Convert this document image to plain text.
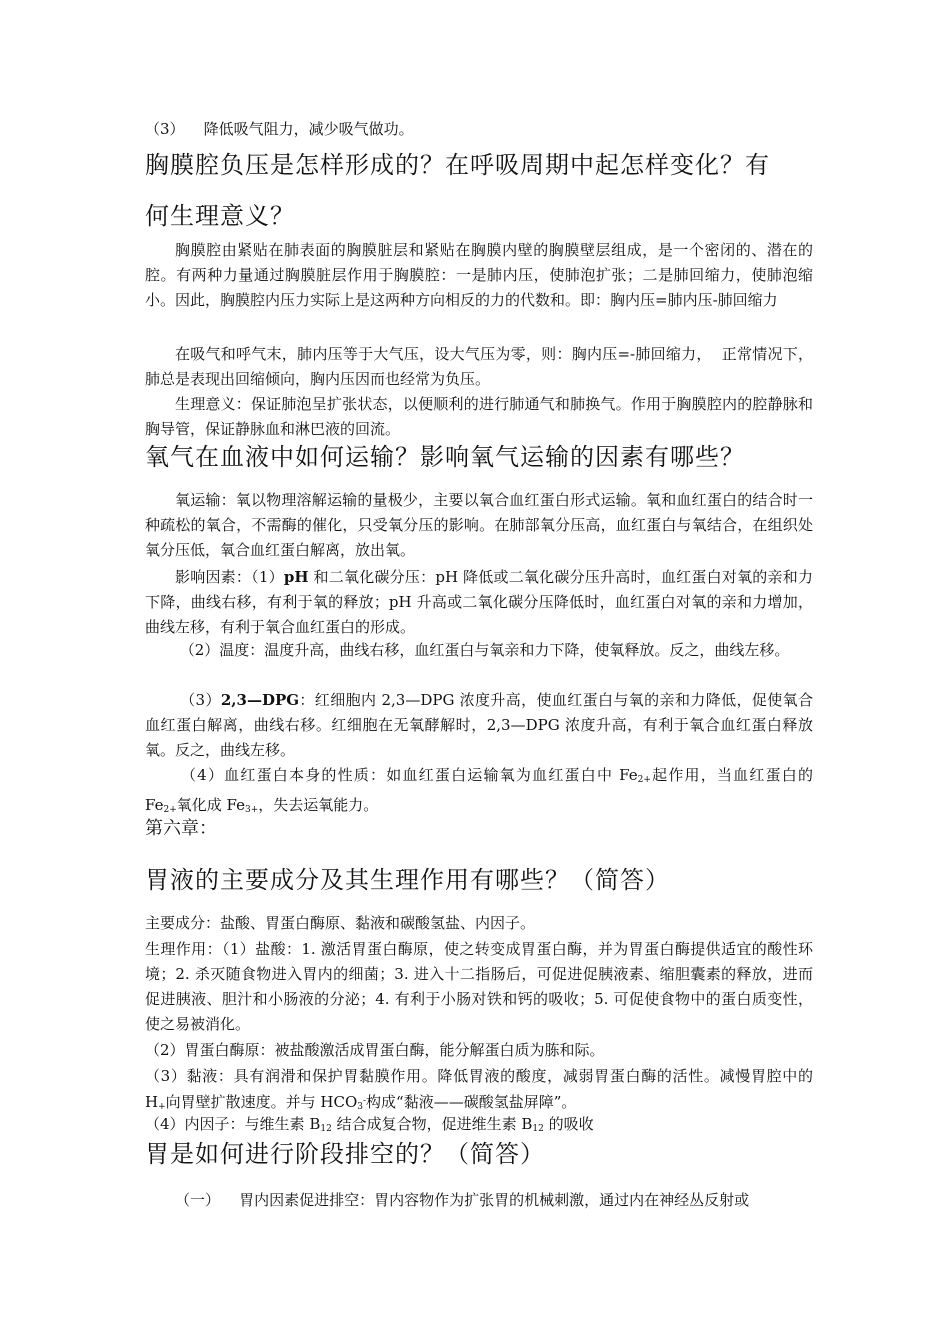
（3）    降低吸气阻力，减少吸气做功。

胸膜腔负压是怎样形成的？在呼吸周期中起怎样变化？有
何生理意义？

胸膜腔由紧贴在肺表面的胸膜脏层和紧贴在胸膜内壁的胸膜壁层组成，是一个密闭的、潜在的腔。有两种力量通过胸膜脏层作用于胸膜腔：一是肺内压，使肺泡扩张；二是肺回缩力，使肺泡缩小。因此，胸膜腔内压力实际上是这两种方向相反的力的代数和。即：胸内压=肺内压-肺回缩力

在吸气和呼气末，肺内压等于大气压，设大气压为零，则：胸内压=-肺回缩力，  正常情况下，肺总是表现出回缩倾向，胸内压因而也经常为负压。

生理意义：保证肺泡呈扩张状态，以便顺利的进行肺通气和肺换气。作用于胸膜腔内的腔静脉和胸导管，保证静脉血和淋巴液的回流。

氧气在血液中如何运输？影响氧气运输的因素有哪些？

氧运输：氧以物理溶解运输的量极少，主要以氧合血红蛋白形式运输。氧和血红蛋白的结合时一种疏松的氧合，不需酶的催化，只受氧分压的影响。在肺部氧分压高，血红蛋白与氧结合，在组织处氧分压低，氧合血红蛋白解离，放出氧。

影响因素：（1）pH 和二氧化碳分压：pH 降低或二氧化碳分压升高时，血红蛋白对氧的亲和力下降，曲线右移，有利于氧的释放；pH 升高或二氧化碳分压降低时，血红蛋白对氧的亲和力增加，曲线左移，有利于氧合血红蛋白的形成。

（2）温度：温度升高，曲线右移，血红蛋白与氧亲和力下降，使氧释放。反之，曲线左移。

（3）2,3—DPG：红细胞内 2,3—DPG 浓度升高，使血红蛋白与氧的亲和力降低，促使氧合血红蛋白解离，曲线右移。红细胞在无氧酵解时，2,3—DPG 浓度升高，有利于氧合血红蛋白释放氧。反之，曲线左移。

（4）血红蛋白本身的性质：如血红蛋白运输氧为血红蛋白中 $Fe_{2+}$起作用，当血红蛋白的 $Fe_{2+}$氧化成 $Fe_{3+}$，失去运氧能力。

第六章：

胃液的主要成分及其生理作用有哪些？（简答）

主要成分：盐酸、胃蛋白酶原、黏液和碳酸氢盐、内因子。

生理作用：（1）盐酸：1. 激活胃蛋白酶原，使之转变成胃蛋白酶，并为胃蛋白酶提供适宜的酸性环境；2. 杀灭随食物进入胃内的细菌；3. 进入十二指肠后，可促进促胰液素、缩胆囊素的释放，进而促进胰液、胆汁和小肠液的分泌；4. 有利于小肠对铁和钙的吸收；5. 可促使食物中的蛋白质变性，使之易被消化。

（2）胃蛋白酶原：被盐酸激活成胃蛋白酶，能分解蛋白质为胨和际。

（3）黏液：具有润滑和保护胃黏膜作用。降低胃液的酸度，减弱胃蛋白酶的活性。减慢胃腔中的 $H_+$向胃壁扩散速度。并与 $HCO_3^-$构成“黏液——碳酸氢盐屏障”。

（4）内因子：与维生素 $B_{12}$ 结合成复合物，促进维生素 $B_{12}$ 的吸收

胃是如何进行阶段排空的？（简答）

（一）    胃内因素促进排空：胃内容物作为扩张胃的机械刺激，通过内在神经丛反射或
